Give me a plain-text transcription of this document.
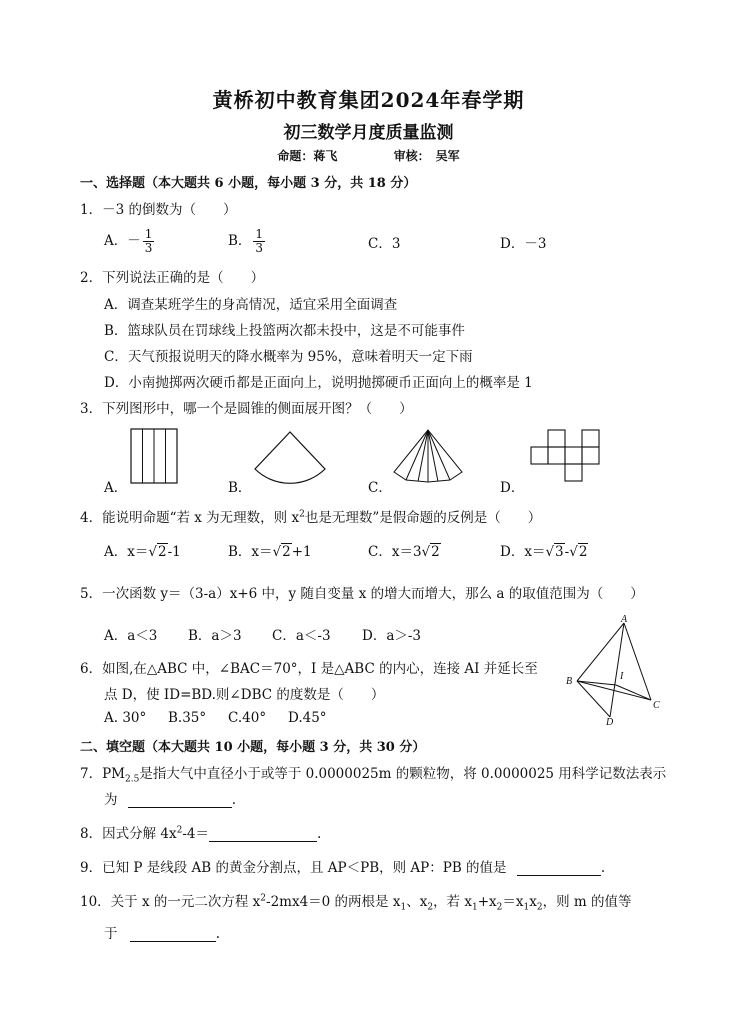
黄桥初中教育集团2024年春学期
初三数学月度质量监测
命题：蒋飞	审核：　吴军
一、选择题（本大题共 6 小题，每小题 3 分，共 18 分）
1．－3 的倒数为（　　）
A．－ $\frac{1}{3}$	B． $\frac{1}{3}$	C．3	D．－3
2．下列说法正确的是（　　）
A．调查某班学生的身高情况，适宜采用全面调查
B．篮球队员在罚球线上投篮两次都未投中，这是不可能事件
C．天气预报说明天的降水概率为 95%，意味着明天一定下雨
D．小南抛掷两次硬币都是正面向上，说明抛掷硬币正面向上的概率是 1
3．下列图形中，哪一个是圆锥的侧面展开图？（　　）
A．	B．	C．	D．
4．能说明命题“若 x 为无理数，则 $x^2$也是无理数”是假命题的反例是（　　）
A．x＝√2-1	B．x＝√2+1	C．x＝3√2	D．x＝√3-√2
5．一次函数 y＝（3-a）x+6 中，y 随自变量 x 的增大而增大，那么 a 的取值范围为（　　）
A．a＜3 B．a＞3 C．a＜-3 D．a＞-3
6．如图,在△ABC 中，∠BAC＝70°，I 是△ABC 的内心，连接 AI 并延长至
点 D，使 ID=BD.则∠DBC 的度数是（　　）
A. 30° B.35° C.40° D.45°
A
B
C
D
I
二、填空题（本大题共 10 小题，每小题 3 分，共 30 分）
7．$PM_{2.5}$是指大气中直径小于或等于 0.0000025m 的颗粒物，将 0.0000025 用科学记数法表示
为	.
8．因式分解 $4x^2-4=$	.
9．已知 P 是线段 AB 的黄金分割点，且 AP＜PB，则 AP：PB 的值是	.
10．关于 x 的一元二次方程 $x^2-2mx4=0$ 的两根是 $x_1$、$x_2$，若 $x_1+x_2=x_1x_2$，则 m 的值等
于	.
